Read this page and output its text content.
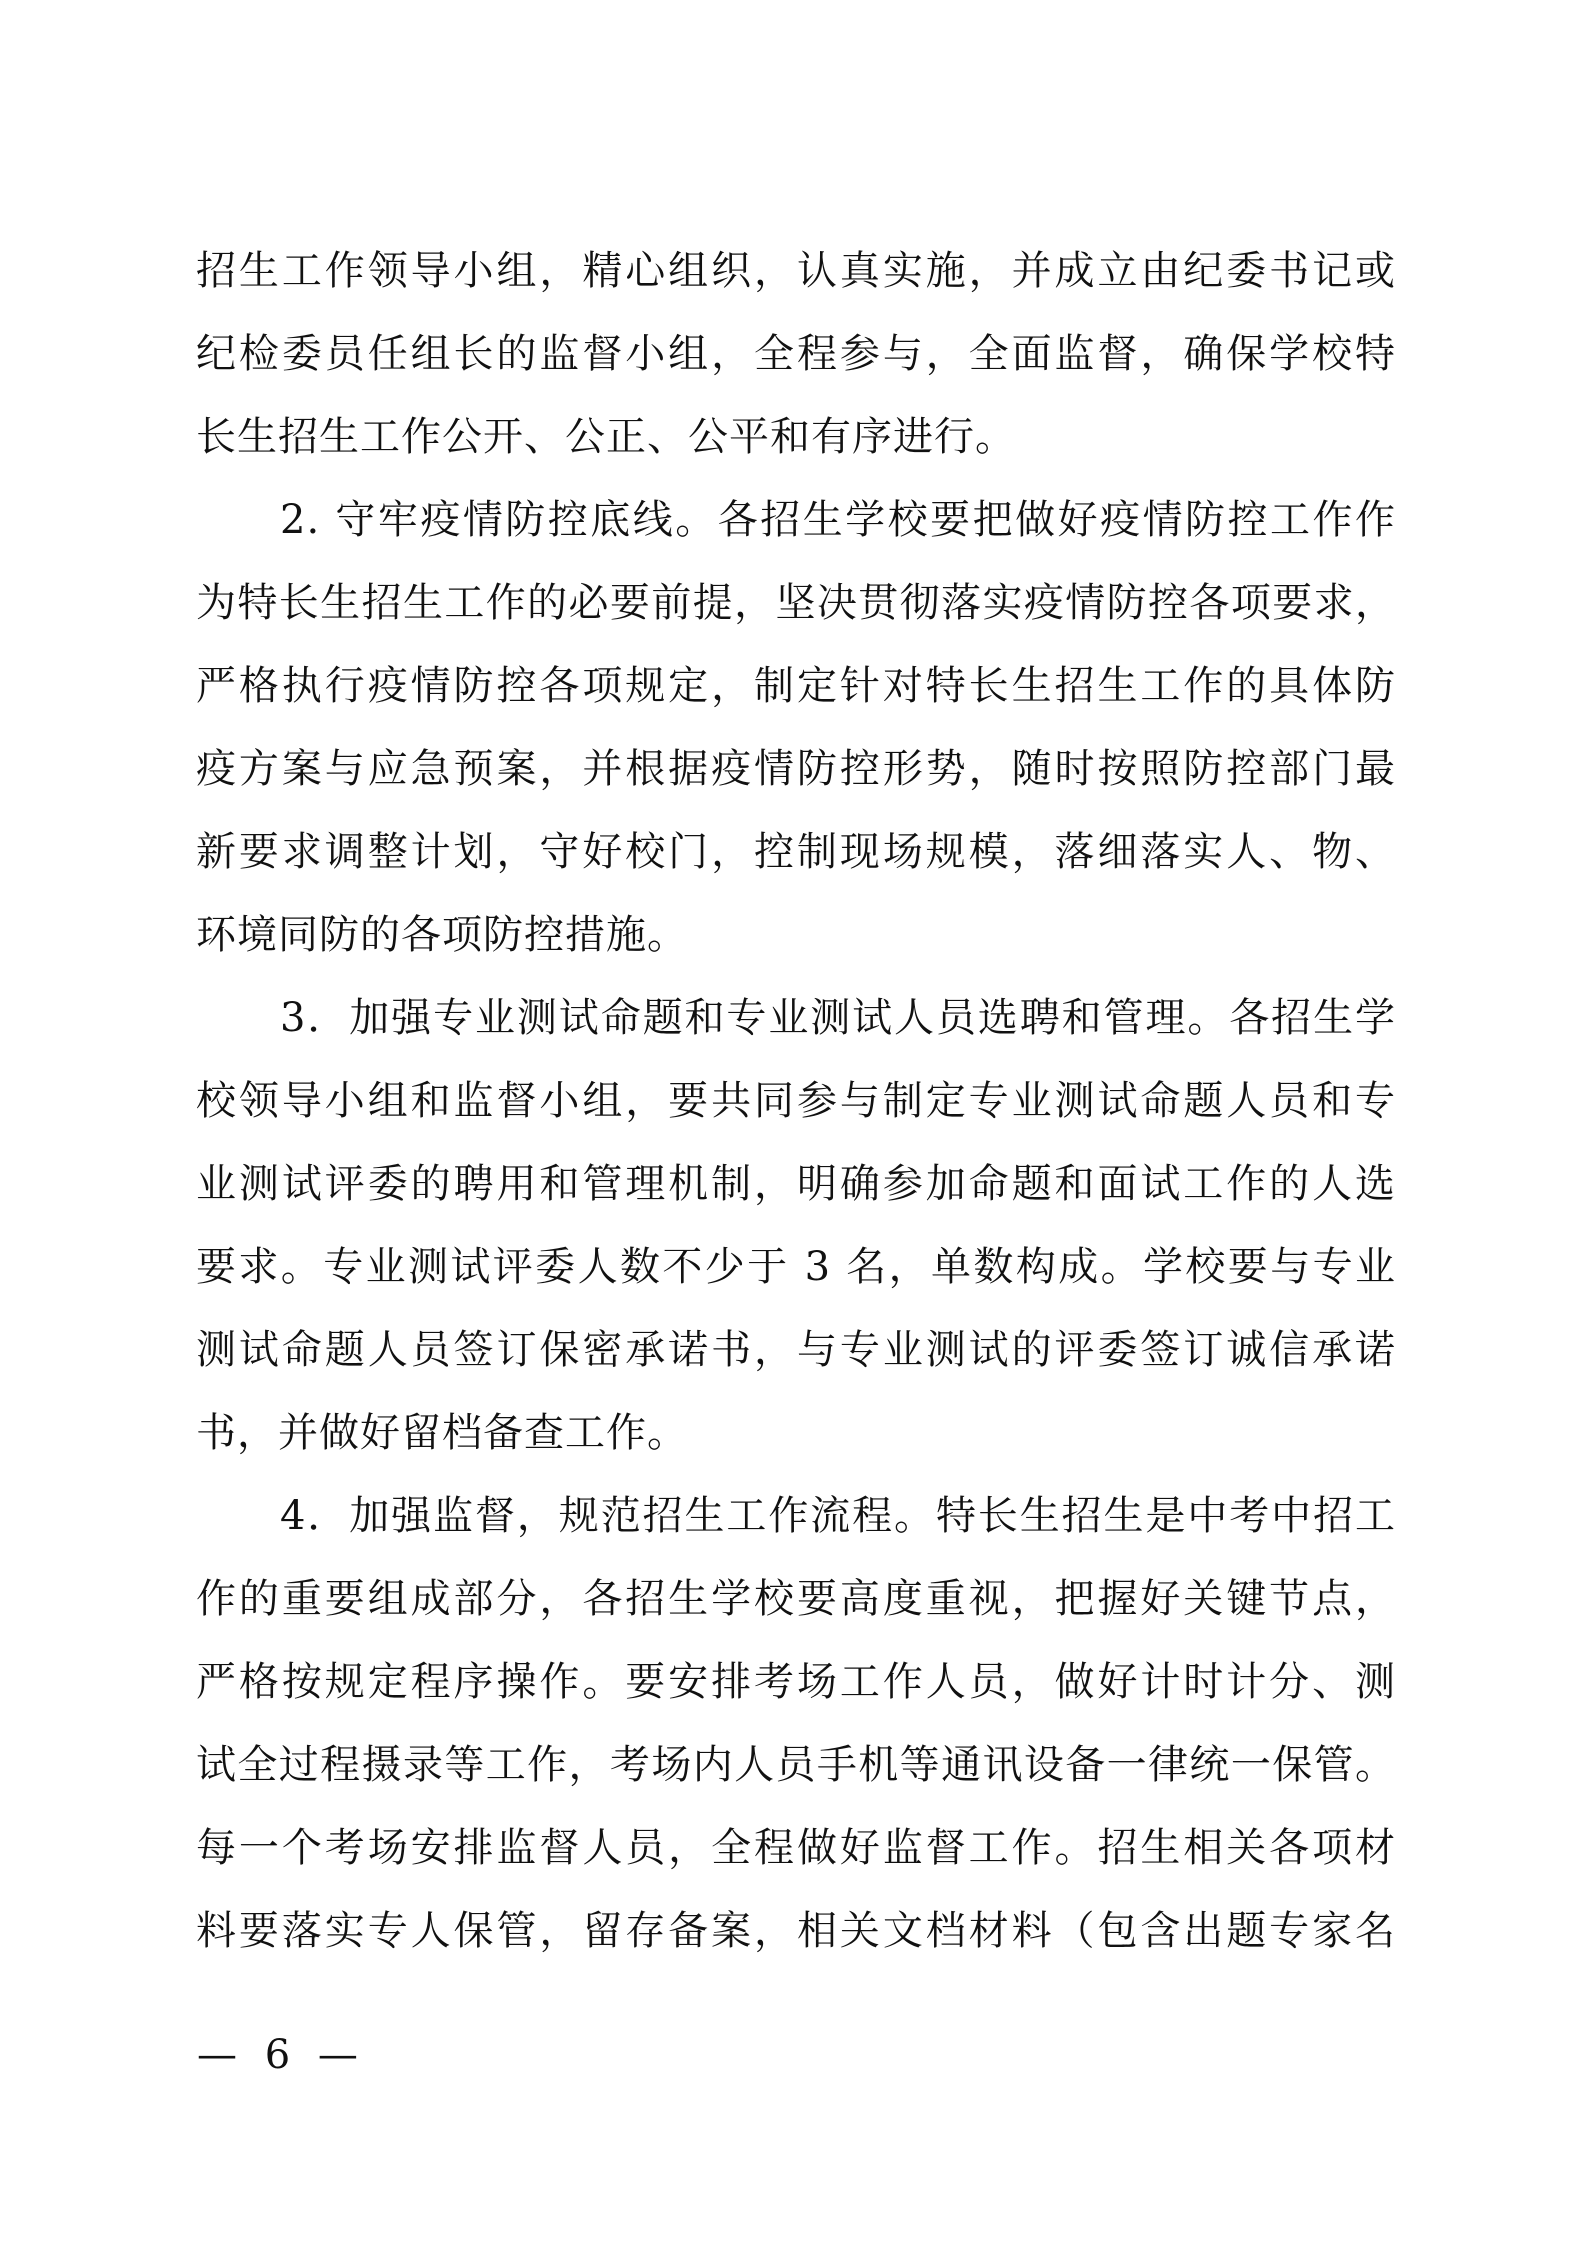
招生工作领导小组，精心组织，认真实施，并成立由纪委书记或
纪检委员任组长的监督小组，全程参与，全面监督，确保学校特
长生招生工作公开、公正、公平和有序进行。
2. 守牢疫情防控底线。各招生学校要把做好疫情防控工作作
为特长生招生工作的必要前提，坚决贯彻落实疫情防控各项要求，
严格执行疫情防控各项规定，制定针对特长生招生工作的具体防
疫方案与应急预案，并根据疫情防控形势，随时按照防控部门最
新要求调整计划，守好校门，控制现场规模，落细落实人、物、
环境同防的各项防控措施。
3．加强专业测试命题和专业测试人员选聘和管理。各招生学
校领导小组和监督小组，要共同参与制定专业测试命题人员和专
业测试评委的聘用和管理机制，明确参加命题和面试工作的人选
要求。专业测试评委人数不少于 3 名，单数构成。学校要与专业
测试命题人员签订保密承诺书，与专业测试的评委签订诚信承诺
书，并做好留档备查工作。
4．加强监督，规范招生工作流程。特长生招生是中考中招工
作的重要组成部分，各招生学校要高度重视，把握好关键节点，
严格按规定程序操作。要安排考场工作人员，做好计时计分、测
试全过程摄录等工作，考场内人员手机等通讯设备一律统一保管。
每一个考场安排监督人员，全程做好监督工作。招生相关各项材
料要落实专人保管，留存备案，相关文档材料（包含出题专家名
— 6 —
